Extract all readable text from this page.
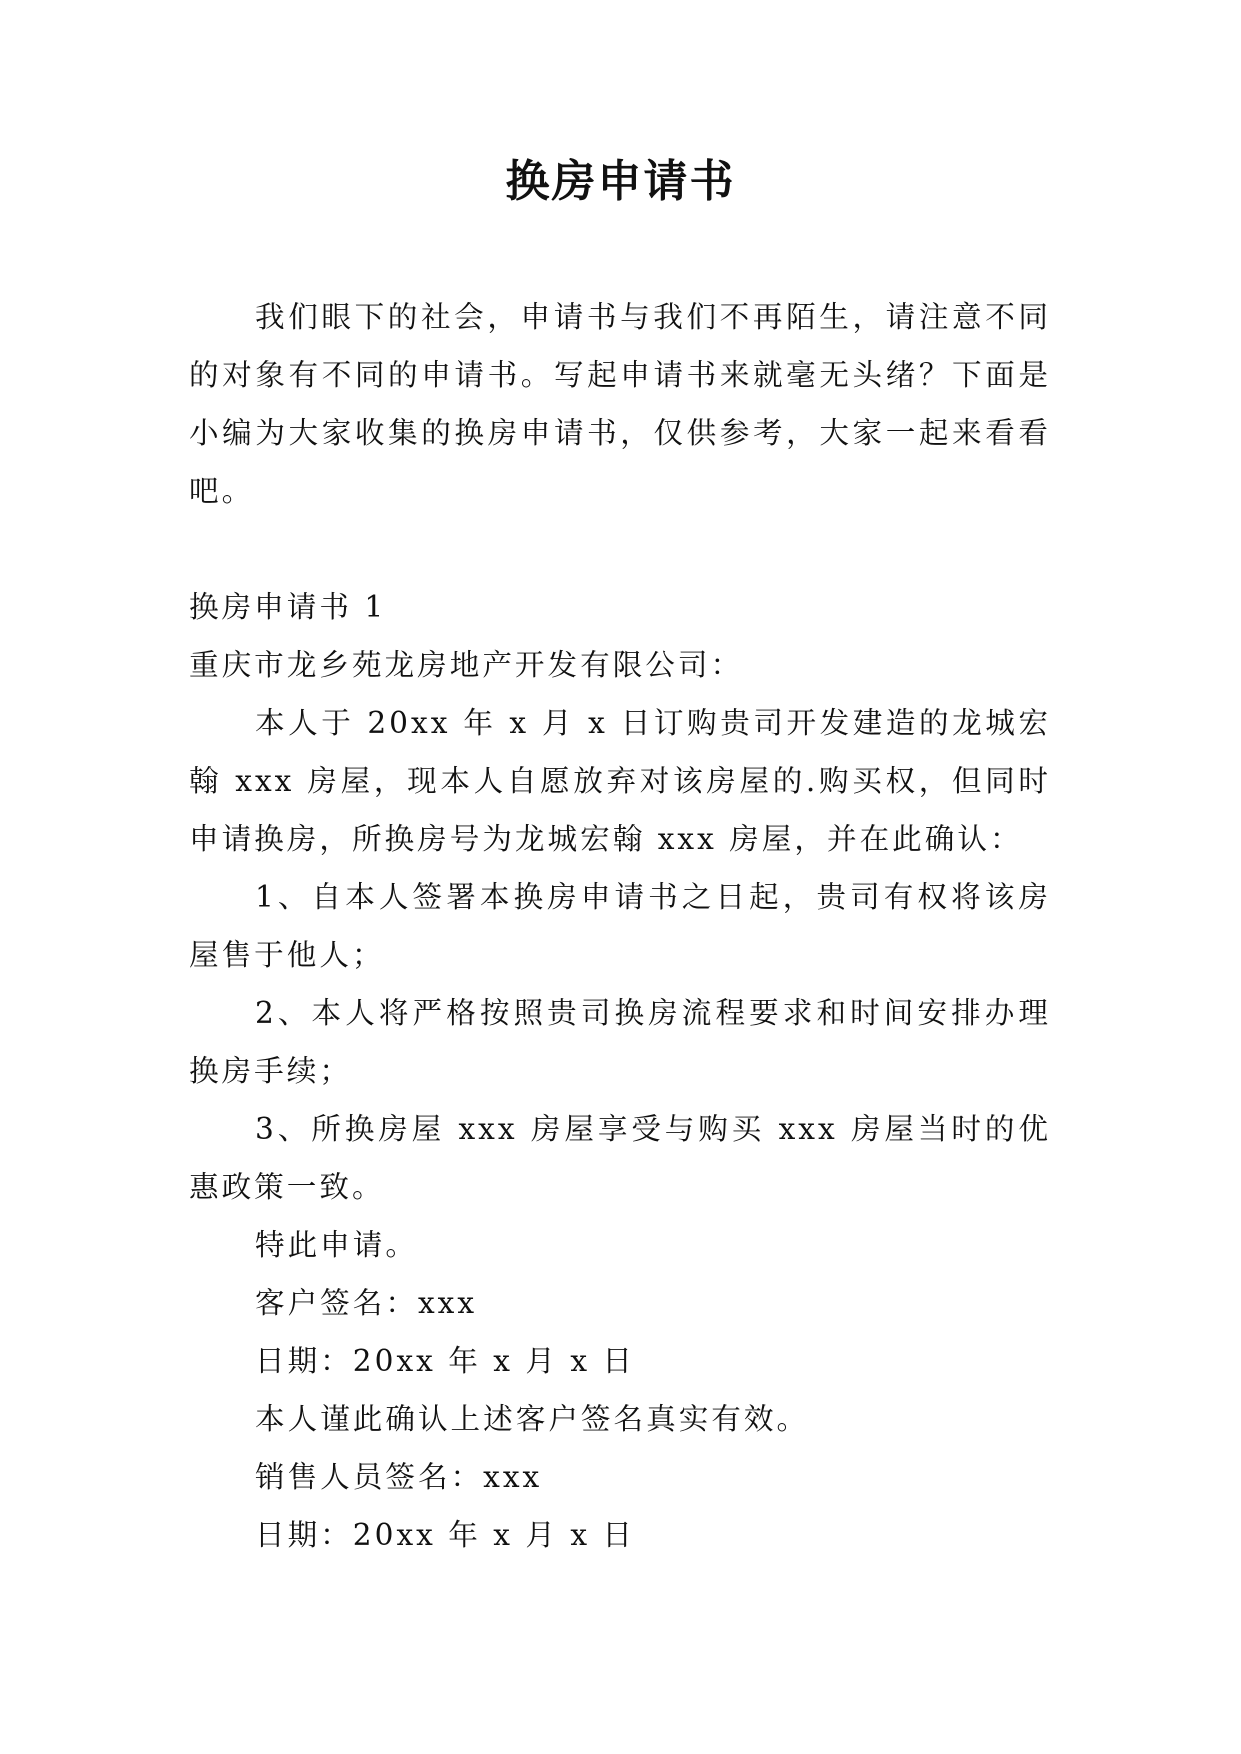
换房申请书

我们眼下的社会，申请书与我们不再陌生，请注意不同的对象有不同的申请书。写起申请书来就毫无头绪？下面是小编为大家收集的换房申请书，仅供参考，大家一起来看看吧。

换房申请书 1

重庆市龙乡苑龙房地产开发有限公司：

本人于 20xx 年 x 月 x 日订购贵司开发建造的龙城宏翰 xxx 房屋，现本人自愿放弃对该房屋的.购买权，但同时申请换房，所换房号为龙城宏翰 xxx 房屋，并在此确认：

1、自本人签署本换房申请书之日起，贵司有权将该房屋售于他人；

2、本人将严格按照贵司换房流程要求和时间安排办理换房手续；

3、所换房屋 xxx 房屋享受与购买 xxx 房屋当时的优惠政策一致。

特此申请。

客户签名：xxx

日期：20xx 年 x 月 x 日

本人谨此确认上述客户签名真实有效。

销售人员签名：xxx

日期：20xx 年 x 月 x 日
